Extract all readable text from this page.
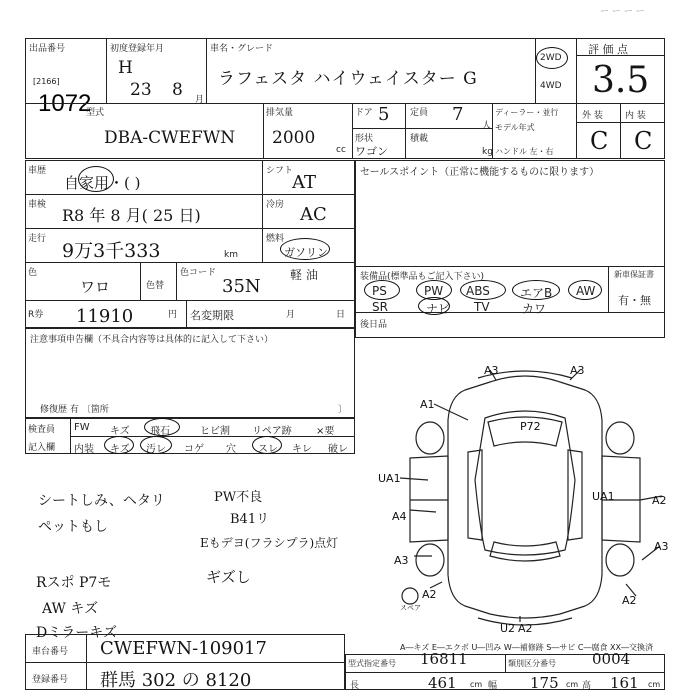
ー ー ー ー
出品番号
[2166]
1072
初度登録年月
H
23 8 月
車名・グレード
ラフェスタ ハイウェイスター G
2WD
4WD
評 価 点
3.5
型式
DBA-CWEFWN
排気量
2000
cc
ドア 5 定員 7
人
形状
ワゴン
積載
kg
ディーラー・並行
モデル年式
ハンドル 左・右
外 装 内 装
C C
車歴
自家用・( )
シフト
AT
車検
R8 年 8 月( 25 日)
冷房 AC
走行
9万3千333	km
燃料
ガソリン
軽 油
色
ワロ	色替
色コード
35N
R券 11910	円 名変期限	月	日
セールスポイント（正常に機能するものに限ります）
装備品(標準品もご記入下さい)	新車保証書
有・無
PS	PW ABS	エアB AW
SR	ナビ TV	カワ
後日品
注意事項申告欄（不具合内容等は具体的に記入して下さい）
修復歴 有 〔箇所	〕
検査員
記入欄
FW キズ 飛石	ヒビ割 リペア跡 ×要
内装 キズ 汚レ コゲ 穴 スレ キレ 破レ
シートしみ、ヘタリ
ペットもし
Rスポ P7モ
AW キズ
Dミラーキズ
PW不良
B41リ
Eもデヨ(フラシプラ)点灯
ギズし
A3	A3
A1
P72
UA1
UA1
A4
A2
A3
A3
A2
A2
U2 A2
スペア
A―キズ E―エクボ U―凹み W―補修跡 S―サビ C―腐食 XX―交換済
車台番号 CWEFWN-109017
登録番号 群馬 302 の 8120
型式指定番号 16811	類別区分番号 0004
長	461 cm 幅 175 cm 高 161 cm
